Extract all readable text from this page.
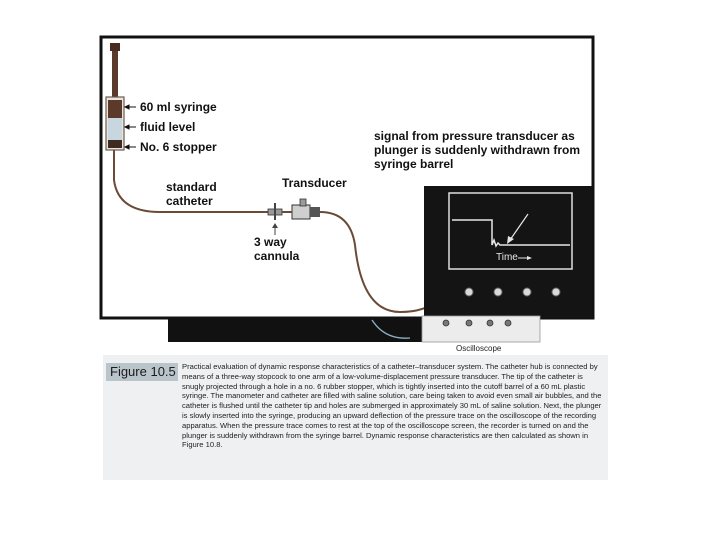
60 ml syringe
fluid level
No. 6 stopper
standard
catheter
Transducer
3 way
cannula
signal from pressure transducer as
plunger is suddenly withdrawn from
syringe barrel
Time
Oscilloscope
Figure 10.5 Practical evaluation of dynamic response characteristics of a catheter–transducer system. The catheter hub is connected by means of a three-way stopcock to one arm of a low-volume-displacement pressure transducer. The tip of the catheter is snugly projected through a hole in a no. 6 rubber stopper, which is tightly inserted into the cutoff barrel of a 60 mL plastic syringe. The manometer and catheter are filled with saline solution, care being taken to avoid even small air bubbles, and the catheter is flushed until the catheter tip and holes are submerged in approximately 30 mL of saline solution. Next, the plunger is slowly inserted into the syringe, producing an upward deflection of the pressure trace on the oscilloscope of the recording apparatus. When the pressure trace comes to rest at the top of the oscilloscope screen, the recorder is turned on and the plunger is suddenly withdrawn from the syringe barrel. Dynamic response characteristics are then calculated as shown in Figure 10.8.
